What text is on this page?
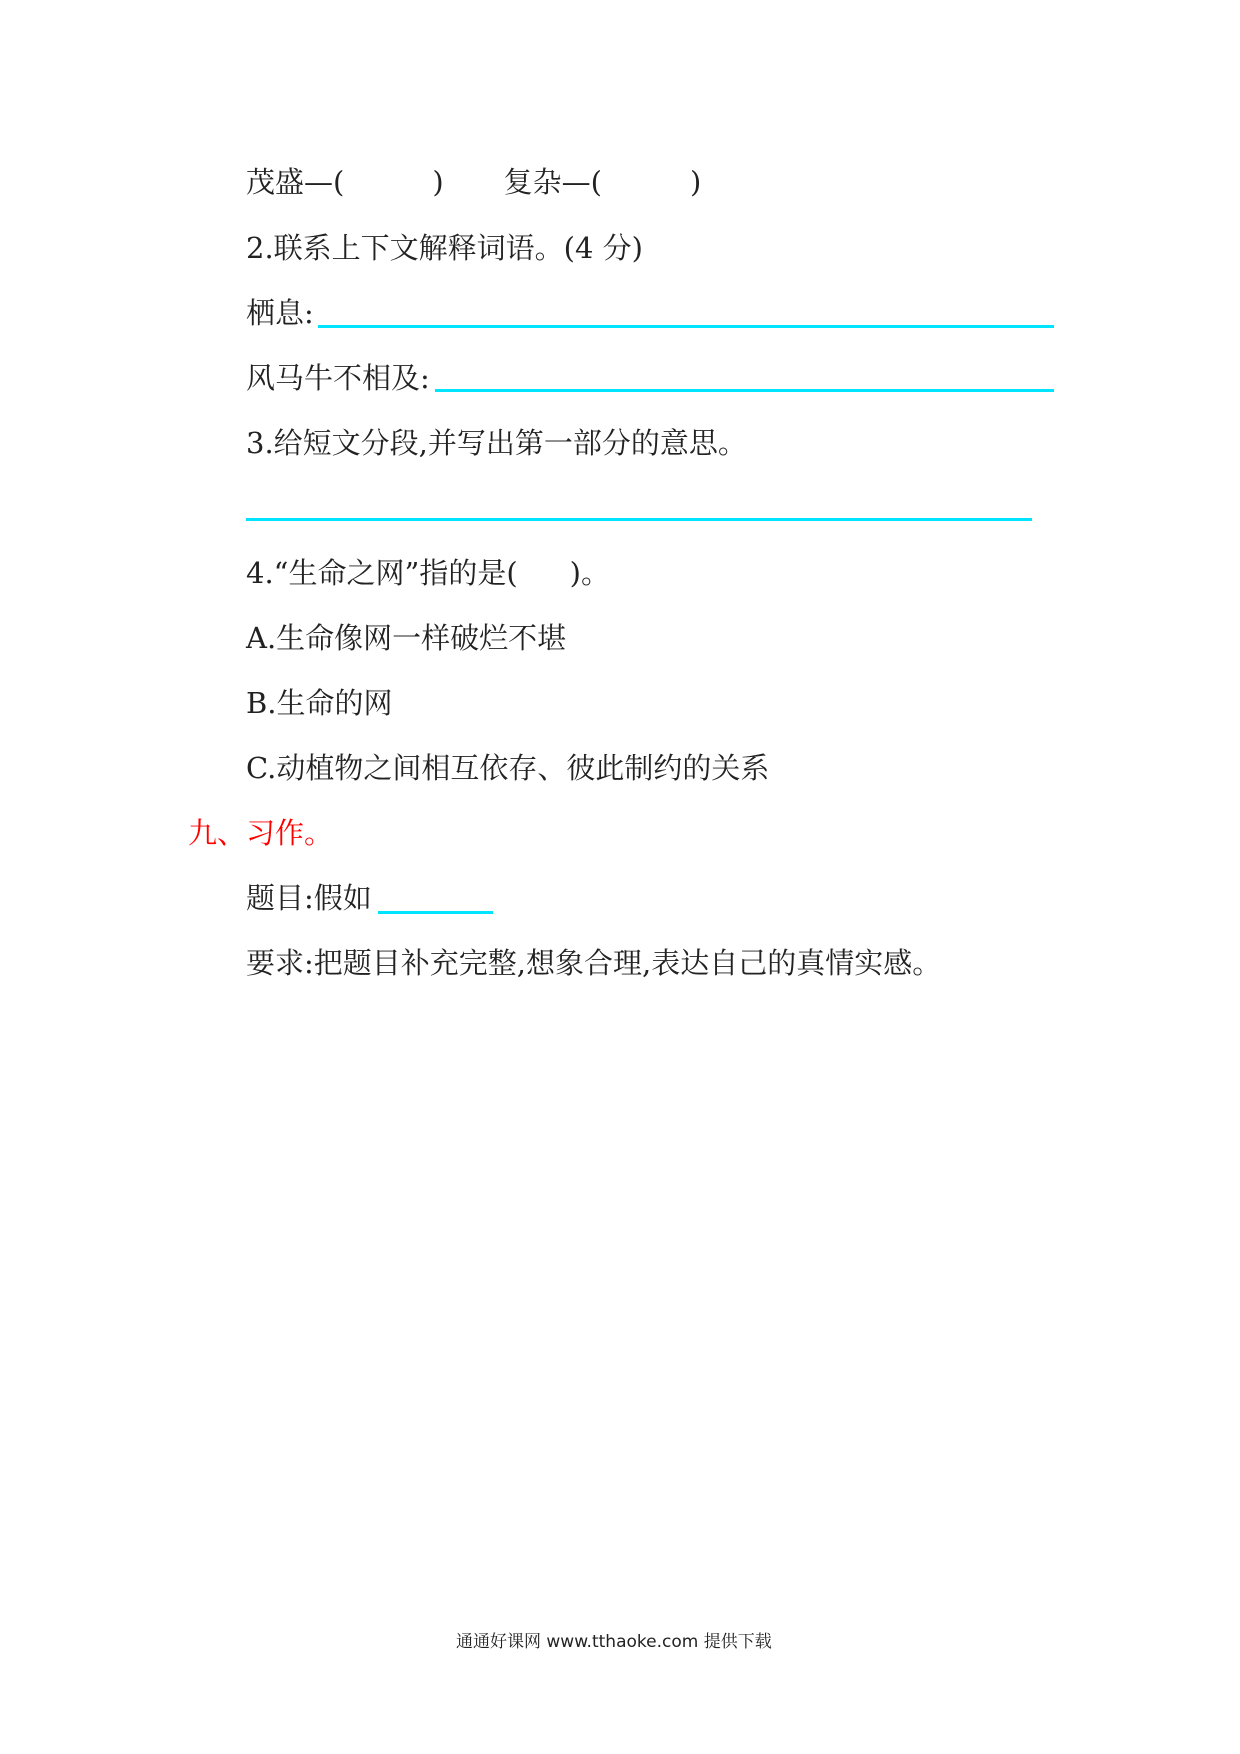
茂盛—(	) 复杂—(	)
2.联系上下文解释词语。(4 分)
栖息:
风马牛不相及:
3.给短文分段,并写出第一部分的意思。
4.“生命之网”指的是( )。
A.生命像网一样破烂不堪
B.生命的网
C.动植物之间相互依存、彼此制约的关系
九、习作。
题目:假如
要求:把题目补充完整,想象合理,表达自己的真情实感。
通通好课网 www.tthaoke.com 提供下载
